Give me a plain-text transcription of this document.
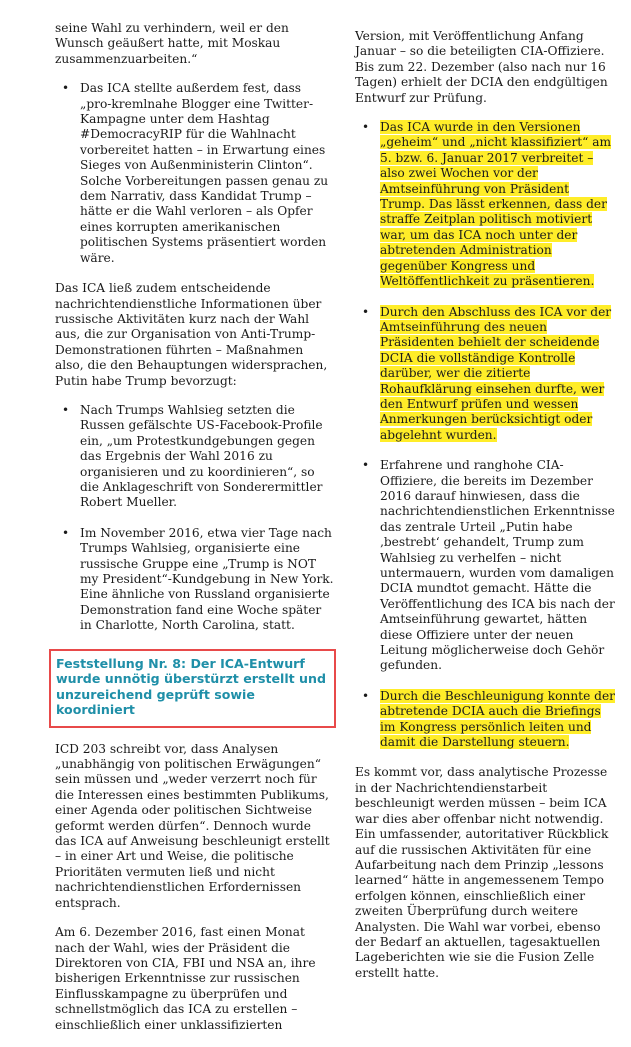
seine Wahl zu verhindern, weil er den Wunsch geäußert hatte, mit Moskau zusammenzuarbeiten.“

• Das ICA stellte außerdem fest, dass „pro-kremlnahe Blogger eine Twitter-Kampagne unter dem Hashtag #DemocracyRIP für die Wahlnacht vorbereitet hatten – in Erwartung eines Sieges von Außenministerin Clinton“. Solche Vorbereitungen passen genau zu dem Narrativ, dass Kandidat Trump – hätte er die Wahl verloren – als Opfer eines korrupten amerikanischen politischen Systems präsentiert worden wäre.

Das ICA ließ zudem entscheidende nachrichtendienstliche Informationen über russische Aktivitäten kurz nach der Wahl aus, die zur Organisation von Anti-Trump-Demonstrationen führten – Maßnahmen also, die den Behauptungen widersprachen, Putin habe Trump bevorzugt:

• Nach Trumps Wahlsieg setzten die Russen gefälschte US-Facebook-Profile ein, „um Protestkundgebungen gegen das Ergebnis der Wahl 2016 zu organisieren und zu koordinieren“, so die Anklageschrift von Sonderermittler Robert Mueller.
• Im November 2016, etwa vier Tage nach Trumps Wahlsieg, organisierte eine russische Gruppe eine „Trump is NOT my President“-Kundgebung in New York. Eine ähnliche von Russland organisierte Demonstration fand eine Woche später in Charlotte, North Carolina, statt.
Feststellung Nr. 8: Der ICA-Entwurf wurde unnötig überstürzt erstellt und unzureichend geprüft sowie koordiniert

ICD 203 schreibt vor, dass Analysen „unabhängig von politischen Erwägungen“ sein müssen und „weder verzerrt noch für die Interessen eines bestimmten Publikums, einer Agenda oder politischen Sichtweise geformt werden dürfen“. Dennoch wurde das ICA auf Anweisung beschleunigt erstellt – in einer Art und Weise, die politische Prioritäten vermuten ließ und nicht nachrichtendienstlichen Erfordernissen entsprach.

Am 6. Dezember 2016, fast einen Monat nach der Wahl, wies der Präsident die Direktoren von CIA, FBI und NSA an, ihre bisherigen Erkenntnisse zur russischen Einflusskampagne zu überprüfen und schnellstmöglich das ICA zu erstellen – einschließlich einer unklassifizierten

Version, mit Veröffentlichung Anfang Januar – so die beteiligten CIA-Offiziere. Bis zum 22. Dezember (also nach nur 16 Tagen) erhielt der DCIA den endgültigen Entwurf zur Prüfung.

• Das ICA wurde in den Versionen „geheim“ und „nicht klassifiziert“ am 5. bzw. 6. Januar 2017 verbreitet – also zwei Wochen vor der Amtseinführung von Präsident Trump. Das lässt erkennen, dass der straffe Zeitplan politisch motiviert war, um das ICA noch unter der abtretenden Administration gegenüber Kongress und Weltöffentlichkeit zu präsentieren.
• Durch den Abschluss des ICA vor der Amtseinführung des neuen Präsidenten behielt der scheidende DCIA die vollständige Kontrolle darüber, wer die zitierte Rohaufklärung einsehen durfte, wer den Entwurf prüfen und wessen Anmerkungen berücksichtigt oder abgelehnt wurden.
• Erfahrene und ranghohe CIA-Offiziere, die bereits im Dezember 2016 darauf hinwiesen, dass die nachrichtendienstlichen Erkenntnisse das zentrale Urteil „Putin habe ‚bestrebt‘ gehandelt, Trump zum Wahlsieg zu verhelfen – nicht untermauern, wurden vom damaligen DCIA mundtot gemacht. Hätte die Veröffentlichung des ICA bis nach der Amtseinführung gewartet, hätten diese Offiziere unter der neuen Leitung möglicherweise doch Gehör gefunden.
• Durch die Beschleunigung konnte der abtretende DCIA auch die Briefings im Kongress persönlich leiten und damit die Darstellung steuern.

Es kommt vor, dass analytische Prozesse in der Nachrichtendienstarbeit beschleunigt werden müssen – beim ICA war dies aber offenbar nicht notwendig. Ein umfassender, autoritativer Rückblick auf die russischen Aktivitäten für eine Aufarbeitung nach dem Prinzip „lessons learned“ hätte in angemessenem Tempo erfolgen können, einschließlich einer zweiten Überprüfung durch weitere Analysten. Die Wahl war vorbei, ebenso der Bedarf an aktuellen, tagesaktuellen Lageberichten wie sie die Fusion Zelle erstellt hatte.
